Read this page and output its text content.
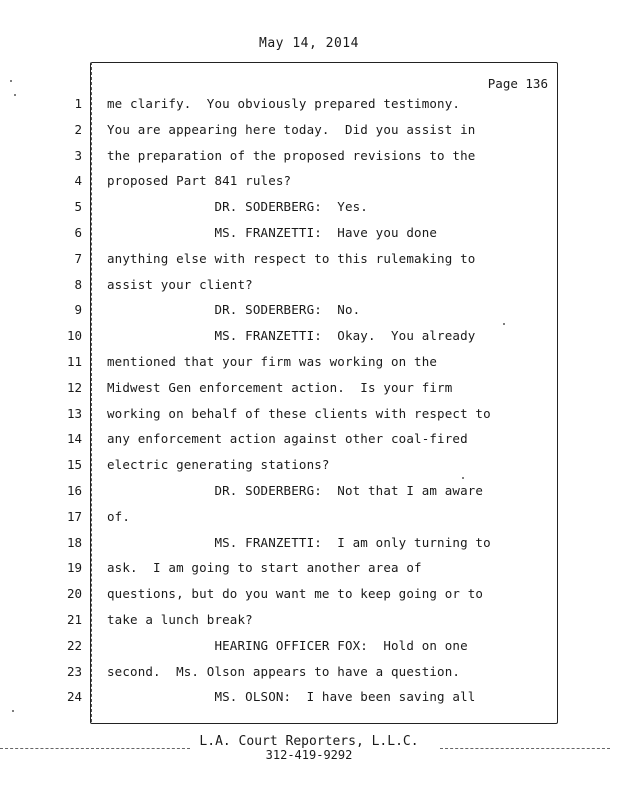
May 14, 2014
Page 136
1 me clarify.  You obviously prepared testimony.
2 You are appearing here today.  Did you assist in
3 the preparation of the proposed revisions to the
4 proposed Part 841 rules?
5 DR. SODERBERG:  Yes.
6 MS. FRANZETTI:  Have you done
7 anything else with respect to this rulemaking to
8 assist your client?
9 DR. SODERBERG:  No.
10 MS. FRANZETTI:  Okay.  You already
11 mentioned that your firm was working on the
12 Midwest Gen enforcement action.  Is your firm
13 working on behalf of these clients with respect to
14 any enforcement action against other coal-fired
15 electric generating stations?
16 DR. SODERBERG:  Not that I am aware
17 of.
18 MS. FRANZETTI:  I am only turning to
19 ask.  I am going to start another area of
20 questions, but do you want me to keep going or to
21 take a lunch break?
22 HEARING OFFICER FOX:  Hold on one
23 second.  Ms. Olson appears to have a question.
24 MS. OLSON:  I have been saving all
L.A. Court Reporters, L.L.C.
312-419-9292
